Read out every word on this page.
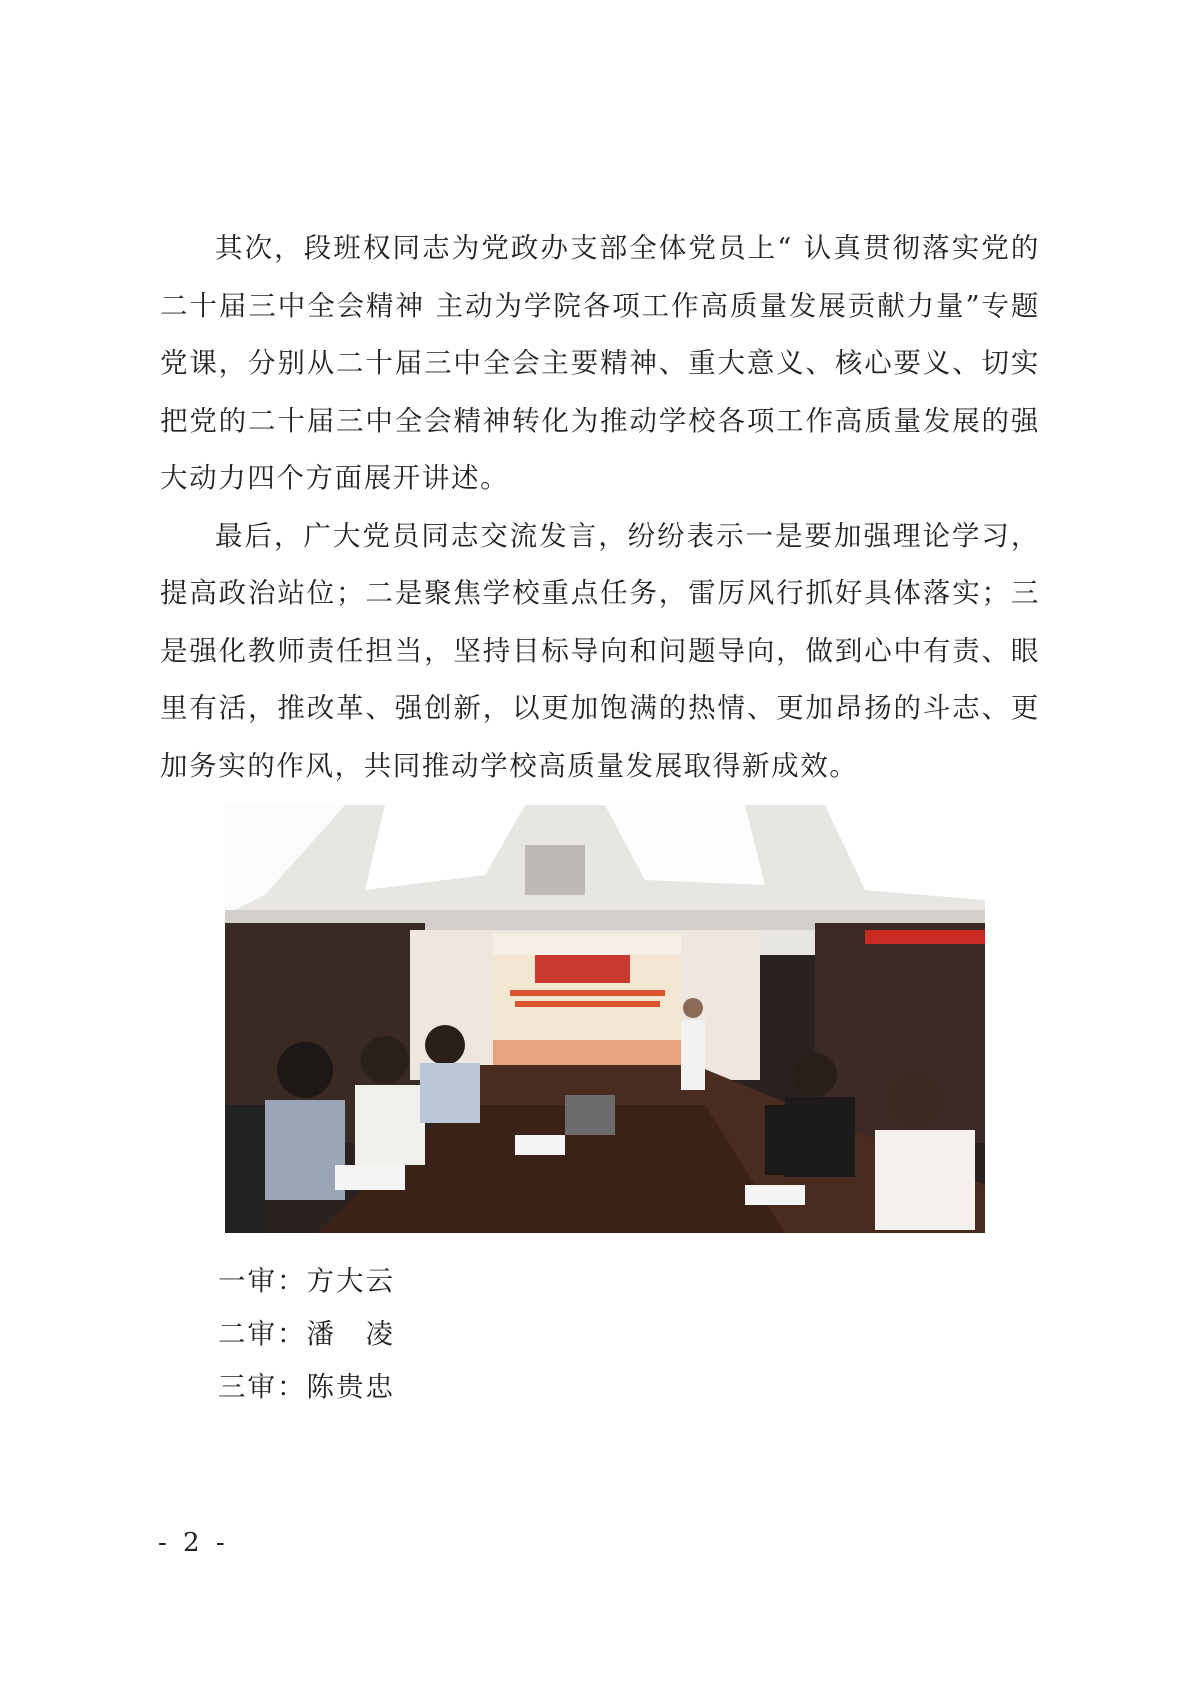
其次，段班权同志为党政办支部全体党员上“ 认真贯彻落实党的二十届三中全会精神 主动为学院各项工作高质量发展贡献力量”专题党课，分别从二十届三中全会主要精神、重大意义、核心要义、切实把党的二十届三中全会精神转化为推动学校各项工作高质量发展的强大动力四个方面展开讲述。

最后，广大党员同志交流发言，纷纷表示一是要加强理论学习，提高政治站位；二是聚焦学校重点任务，雷厉风行抓好具体落实；三是强化教师责任担当，坚持目标导向和问题导向，做到心中有责、眼里有活，推改革、强创新，以更加饱满的热情、更加昂扬的斗志、更加务实的作风，共同推动学校高质量发展取得新成效。

一审：方大云
二审：潘　凌
三审：陈贵忠
- 2 -
